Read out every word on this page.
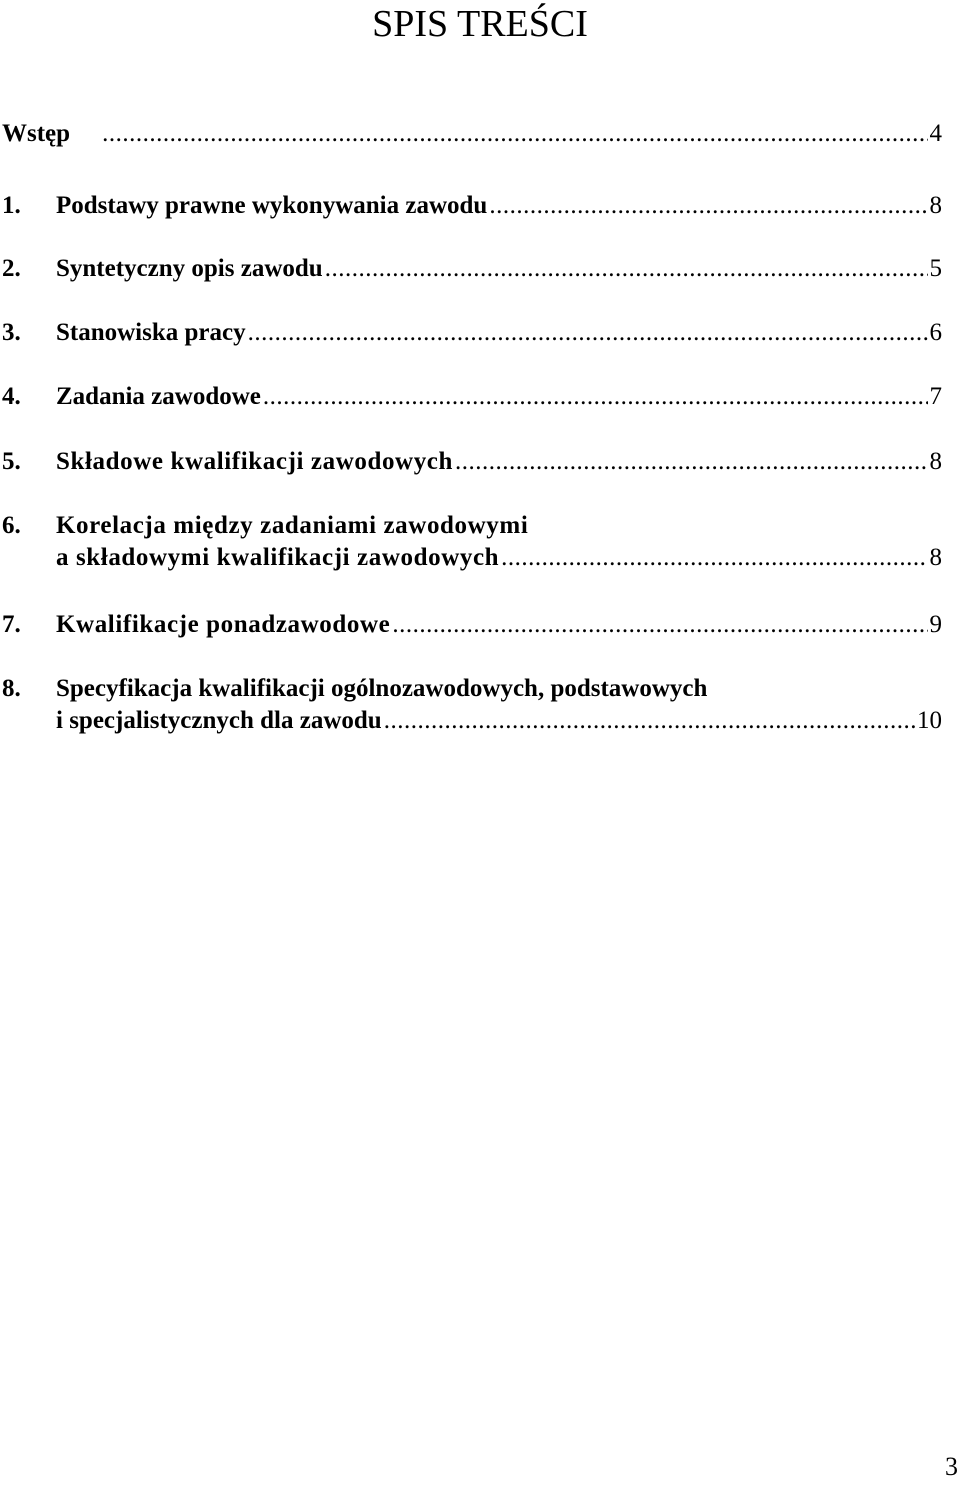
SPIS TREŚCI
Wstęp .....	4
1. Podstawy prawne wykonywania zawodu .....	8
2. Syntetyczny opis zawodu .....	5
3. Stanowiska pracy .....	6
4. Zadania zawodowe .....	7
5. Składowe kwalifikacji zawodowych .....	8
6. Korelacja między zadaniami zawodowymi
a składowymi kwalifikacji zawodowych .....	8
7. Kwalifikacje ponadzawodowe .....	9
8. Specyfikacja kwalifikacji ogólnozawodowych, podstawowych
i specjalistycznych dla zawodu .....	10
3
